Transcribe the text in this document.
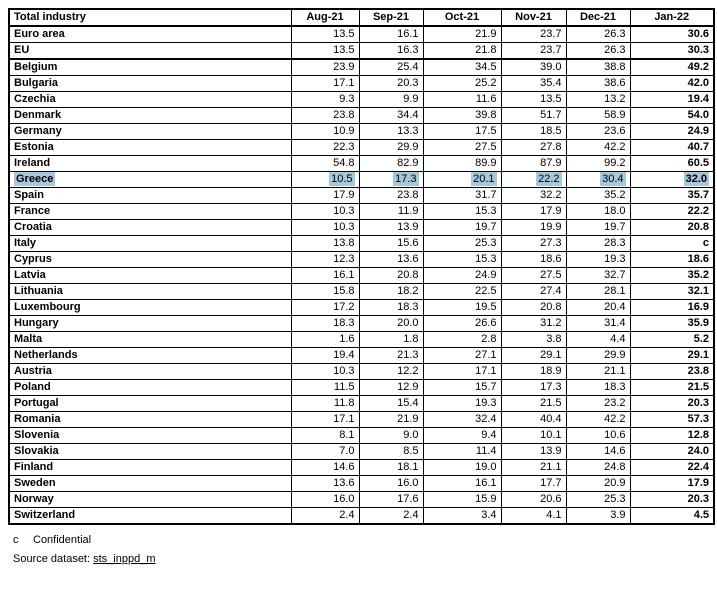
Total industry	Aug-21	Sep-21	Oct-21	Nov-21	Dec-21	Jan-22
Euro area	13.5	16.1	21.9	23.7	26.3	30.6
EU	13.5	16.3	21.8	23.7	26.3	30.3
Belgium	23.9	25.4	34.5	39.0	38.8	49.2
Bulgaria	17.1	20.3	25.2	35.4	38.6	42.0
Czechia	9.3	9.9	11.6	13.5	13.2	19.4
Denmark	23.8	34.4	39.8	51.7	58.9	54.0
Germany	10.9	13.3	17.5	18.5	23.6	24.9
Estonia	22.3	29.9	27.5	27.8	42.2	40.7
Ireland	54.8	82.9	89.9	87.9	99.2	60.5
Greece	10.5	17.3	20.1	22.2	30.4	32.0
Spain	17.9	23.8	31.7	32.2	35.2	35.7
France	10.3	11.9	15.3	17.9	18.0	22.2
Croatia	10.3	13.9	19.7	19.9	19.7	20.8
Italy	13.8	15.6	25.3	27.3	28.3	c
Cyprus	12.3	13.6	15.3	18.6	19.3	18.6
Latvia	16.1	20.8	24.9	27.5	32.7	35.2
Lithuania	15.8	18.2	22.5	27.4	28.1	32.1
Luxembourg	17.2	18.3	19.5	20.8	20.4	16.9
Hungary	18.3	20.0	26.6	31.2	31.4	35.9
Malta	1.6	1.8	2.8	3.8	4.4	5.2
Netherlands	19.4	21.3	27.1	29.1	29.9	29.1
Austria	10.3	12.2	17.1	18.9	21.1	23.8
Poland	11.5	12.9	15.7	17.3	18.3	21.5
Portugal	11.8	15.4	19.3	21.5	23.2	20.3
Romania	17.1	21.9	32.4	40.4	42.2	57.3
Slovenia	8.1	9.0	9.4	10.1	10.6	12.8
Slovakia	7.0	8.5	11.4	13.9	14.6	24.0
Finland	14.6	18.1	19.0	21.1	24.8	22.4
Sweden	13.6	16.0	16.1	17.7	20.9	17.9
Norway	16.0	17.6	15.9	20.6	25.3	20.3
Switzerland	2.4	2.4	3.4	4.1	3.9	4.5
c Confidential
Source dataset: sts_inppd_m
